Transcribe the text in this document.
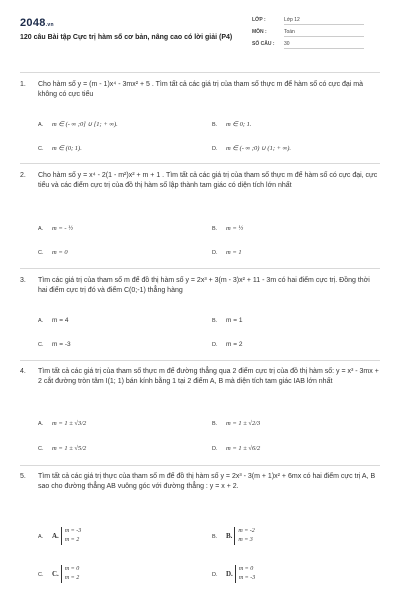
2048.vn
120 câu Bài tập Cực trị hàm số cơ bản, nâng cao có lời giải (P4)
LỚP :	Lớp 12
MÔN :	Toán
SỐ CÂU : 30
1. Cho hàm số y = (m - 1)x⁴ - 3mx² + 5 . Tìm tất cả các giá trị của tham số thực m để hàm số có cực đại mà không có cực tiểu
A. m ∈ (- ∞ ;0] ∪ [1; + ∞).	B. m ∈ 0; 1.
C. m ∈ (0; 1).	D. m ∈ (- ∞ ;0) ∪ (1; + ∞).
2. Cho hàm số y = x⁴ - 2(1 - m²)x² + m + 1 . Tìm tất cả các giá trị của tham số thực m để hàm số có cực đại, cực tiểu và các điểm cực trị của đồ thị hàm số lập thành tam giác có diện tích lớn nhất
A. m = - ½	B. m = ½
C. m = 0	D. m = 1
3. Tìm các giá trị của tham số m để đồ thị hàm số y = 2x³ + 3(m - 3)x² + 11 - 3m có hai điểm cực trị. Đồng thời hai điểm cực trị đó và điểm C(0;-1) thẳng hàng
A. m = 4	B. m = 1
C. m = -3	D. m = 2
4. Tìm tất cả các giá trị của tham số thực m để đường thẳng qua 2 điểm cực trị của đồ thị hàm số: y = x³ - 3mx + 2 cắt đường tròn tâm I(1; 1) bán kính bằng 1 tại 2 điểm A, B mà diện tích tam giác IAB lớn nhất
A. m = 1 ± √3/2	B. m = 1 ± √2/3
C. m = 1 ± √5/2	D. m = 1 ± √6/2
5. Tìm tất cả các giá trị thực của tham số m để đồ thị hàm số y = 2x³ - 3(m + 1)x² + 6mx có hai điểm cực trị A, B sao cho đường thẳng AB vuông góc với đường thẳng : y = x + 2.
A. A.m = -3
m = 2
B. B.m = -2
m = 3
C. C.m = 0
m = 2
D. D.m = 0
m = -3
